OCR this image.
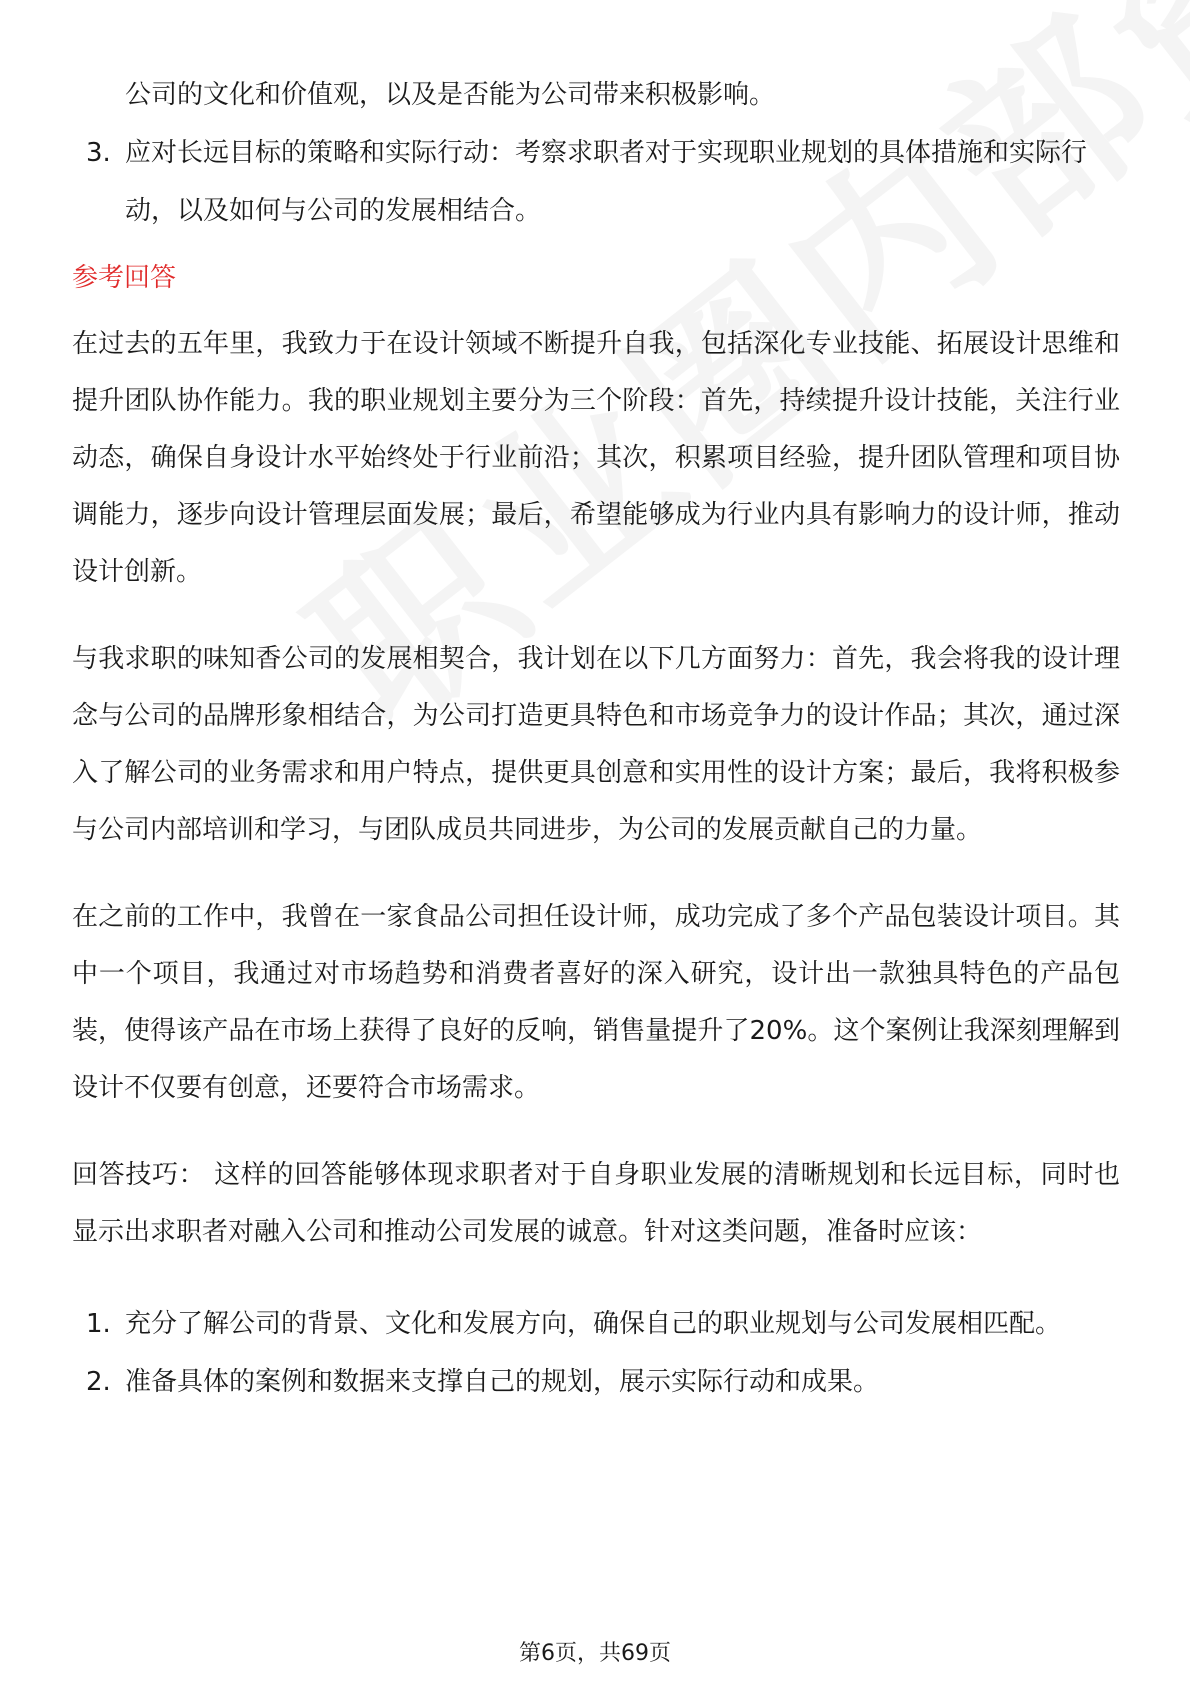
公司的文化和价值观，以及是否能为公司带来积极影响。
3. 应对长远目标的策略和实际行动：考察求职者对于实现职业规划的具体措施和实际行动，以及如何与公司的发展相结合。
参考回答

在过去的五年里，我致力于在设计领域不断提升自我，包括深化专业技能、拓展设计思维和提升团队协作能力。我的职业规划主要分为三个阶段：首先，持续提升设计技能，关注行业动态，确保自身设计水平始终处于行业前沿；其次，积累项目经验，提升团队管理和项目协调能力，逐步向设计管理层面发展；最后，希望能够成为行业内具有影响力的设计师，推动设计创新。

与我求职的味知香公司的发展相契合，我计划在以下几方面努力：首先，我会将我的设计理念与公司的品牌形象相结合，为公司打造更具特色和市场竞争力的设计作品；其次，通过深入了解公司的业务需求和用户特点，提供更具创意和实用性的设计方案；最后，我将积极参与公司内部培训和学习，与团队成员共同进步，为公司的发展贡献自己的力量。

在之前的工作中，我曾在一家食品公司担任设计师，成功完成了多个产品包装设计项目。其中一个项目，我通过对市场趋势和消费者喜好的深入研究，设计出一款独具特色的产品包装，使得该产品在市场上获得了良好的反响，销售量提升了20%。这个案例让我深刻理解到设计不仅要有创意，还要符合市场需求。

回答技巧： 这样的回答能够体现求职者对于自身职业发展的清晰规划和长远目标，同时也显示出求职者对融入公司和推动公司发展的诚意。针对这类问题，准备时应该：

1. 充分了解公司的背景、文化和发展方向，确保自己的职业规划与公司发展相匹配。
2. 准备具体的案例和数据来支撑自己的规划，展示实际行动和成果。
第6页，共69页
